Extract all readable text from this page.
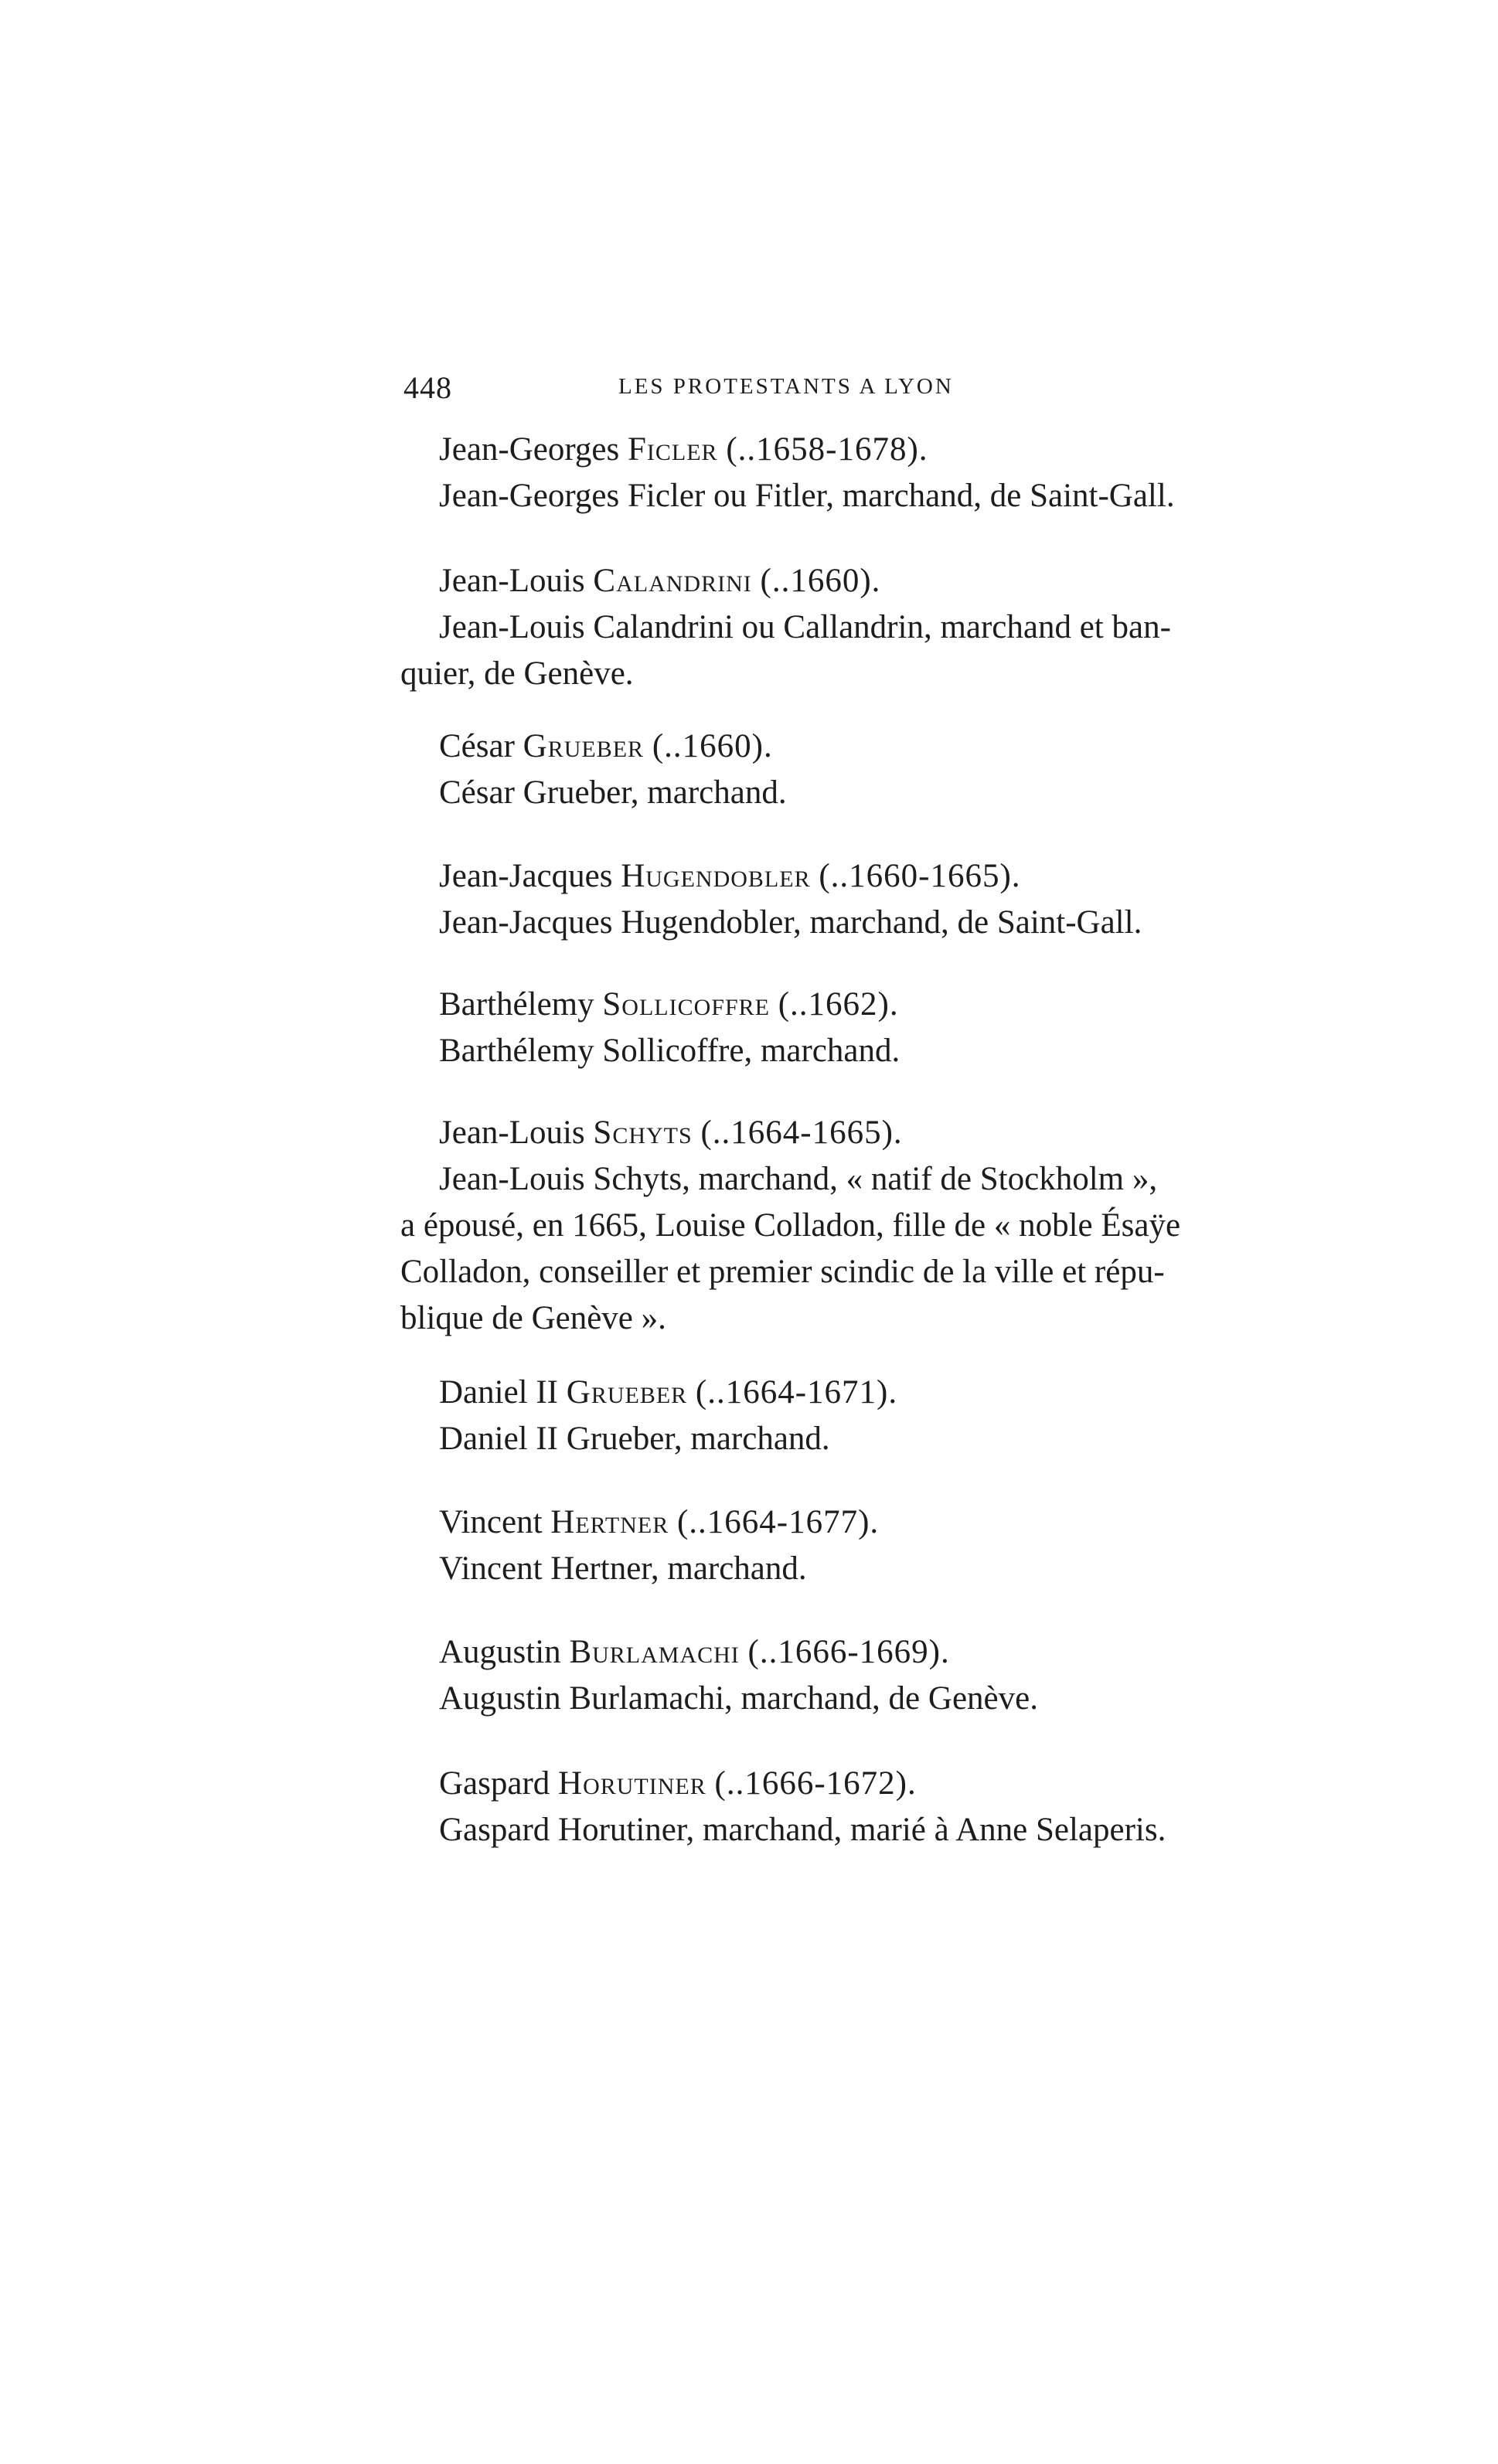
448	LES PROTESTANTS A LYON
Jean-Georges Ficler (..1658-1678).
Jean-Georges Ficler ou Fitler, marchand, de Saint-Gall.
Jean-Louis Calandrini (..1660).
Jean-Louis Calandrini ou Callandrin, marchand et ban-
quier, de Genève.
César Grueber (..1660).
César Grueber, marchand.
Jean-Jacques Hugendobler (..1660-1665).
Jean-Jacques Hugendobler, marchand, de Saint-Gall.
Barthélemy Sollicoffre (..1662).
Barthélemy Sollicoffre, marchand.
Jean-Louis Schyts (..1664-1665).
Jean-Louis Schyts, marchand, « natif de Stockholm »,
a épousé, en 1665, Louise Colladon, fille de « noble Ésaÿe
Colladon, conseiller et premier scindic de la ville et répu-
blique de Genève ».
Daniel II Grueber (..1664-1671).
Daniel II Grueber, marchand.
Vincent Hertner (..1664-1677).
Vincent Hertner, marchand.
Augustin Burlamachi (..1666-1669).
Augustin Burlamachi, marchand, de Genève.
Gaspard Horutiner (..1666-1672).
Gaspard Horutiner, marchand, marié à Anne Selaperis.
